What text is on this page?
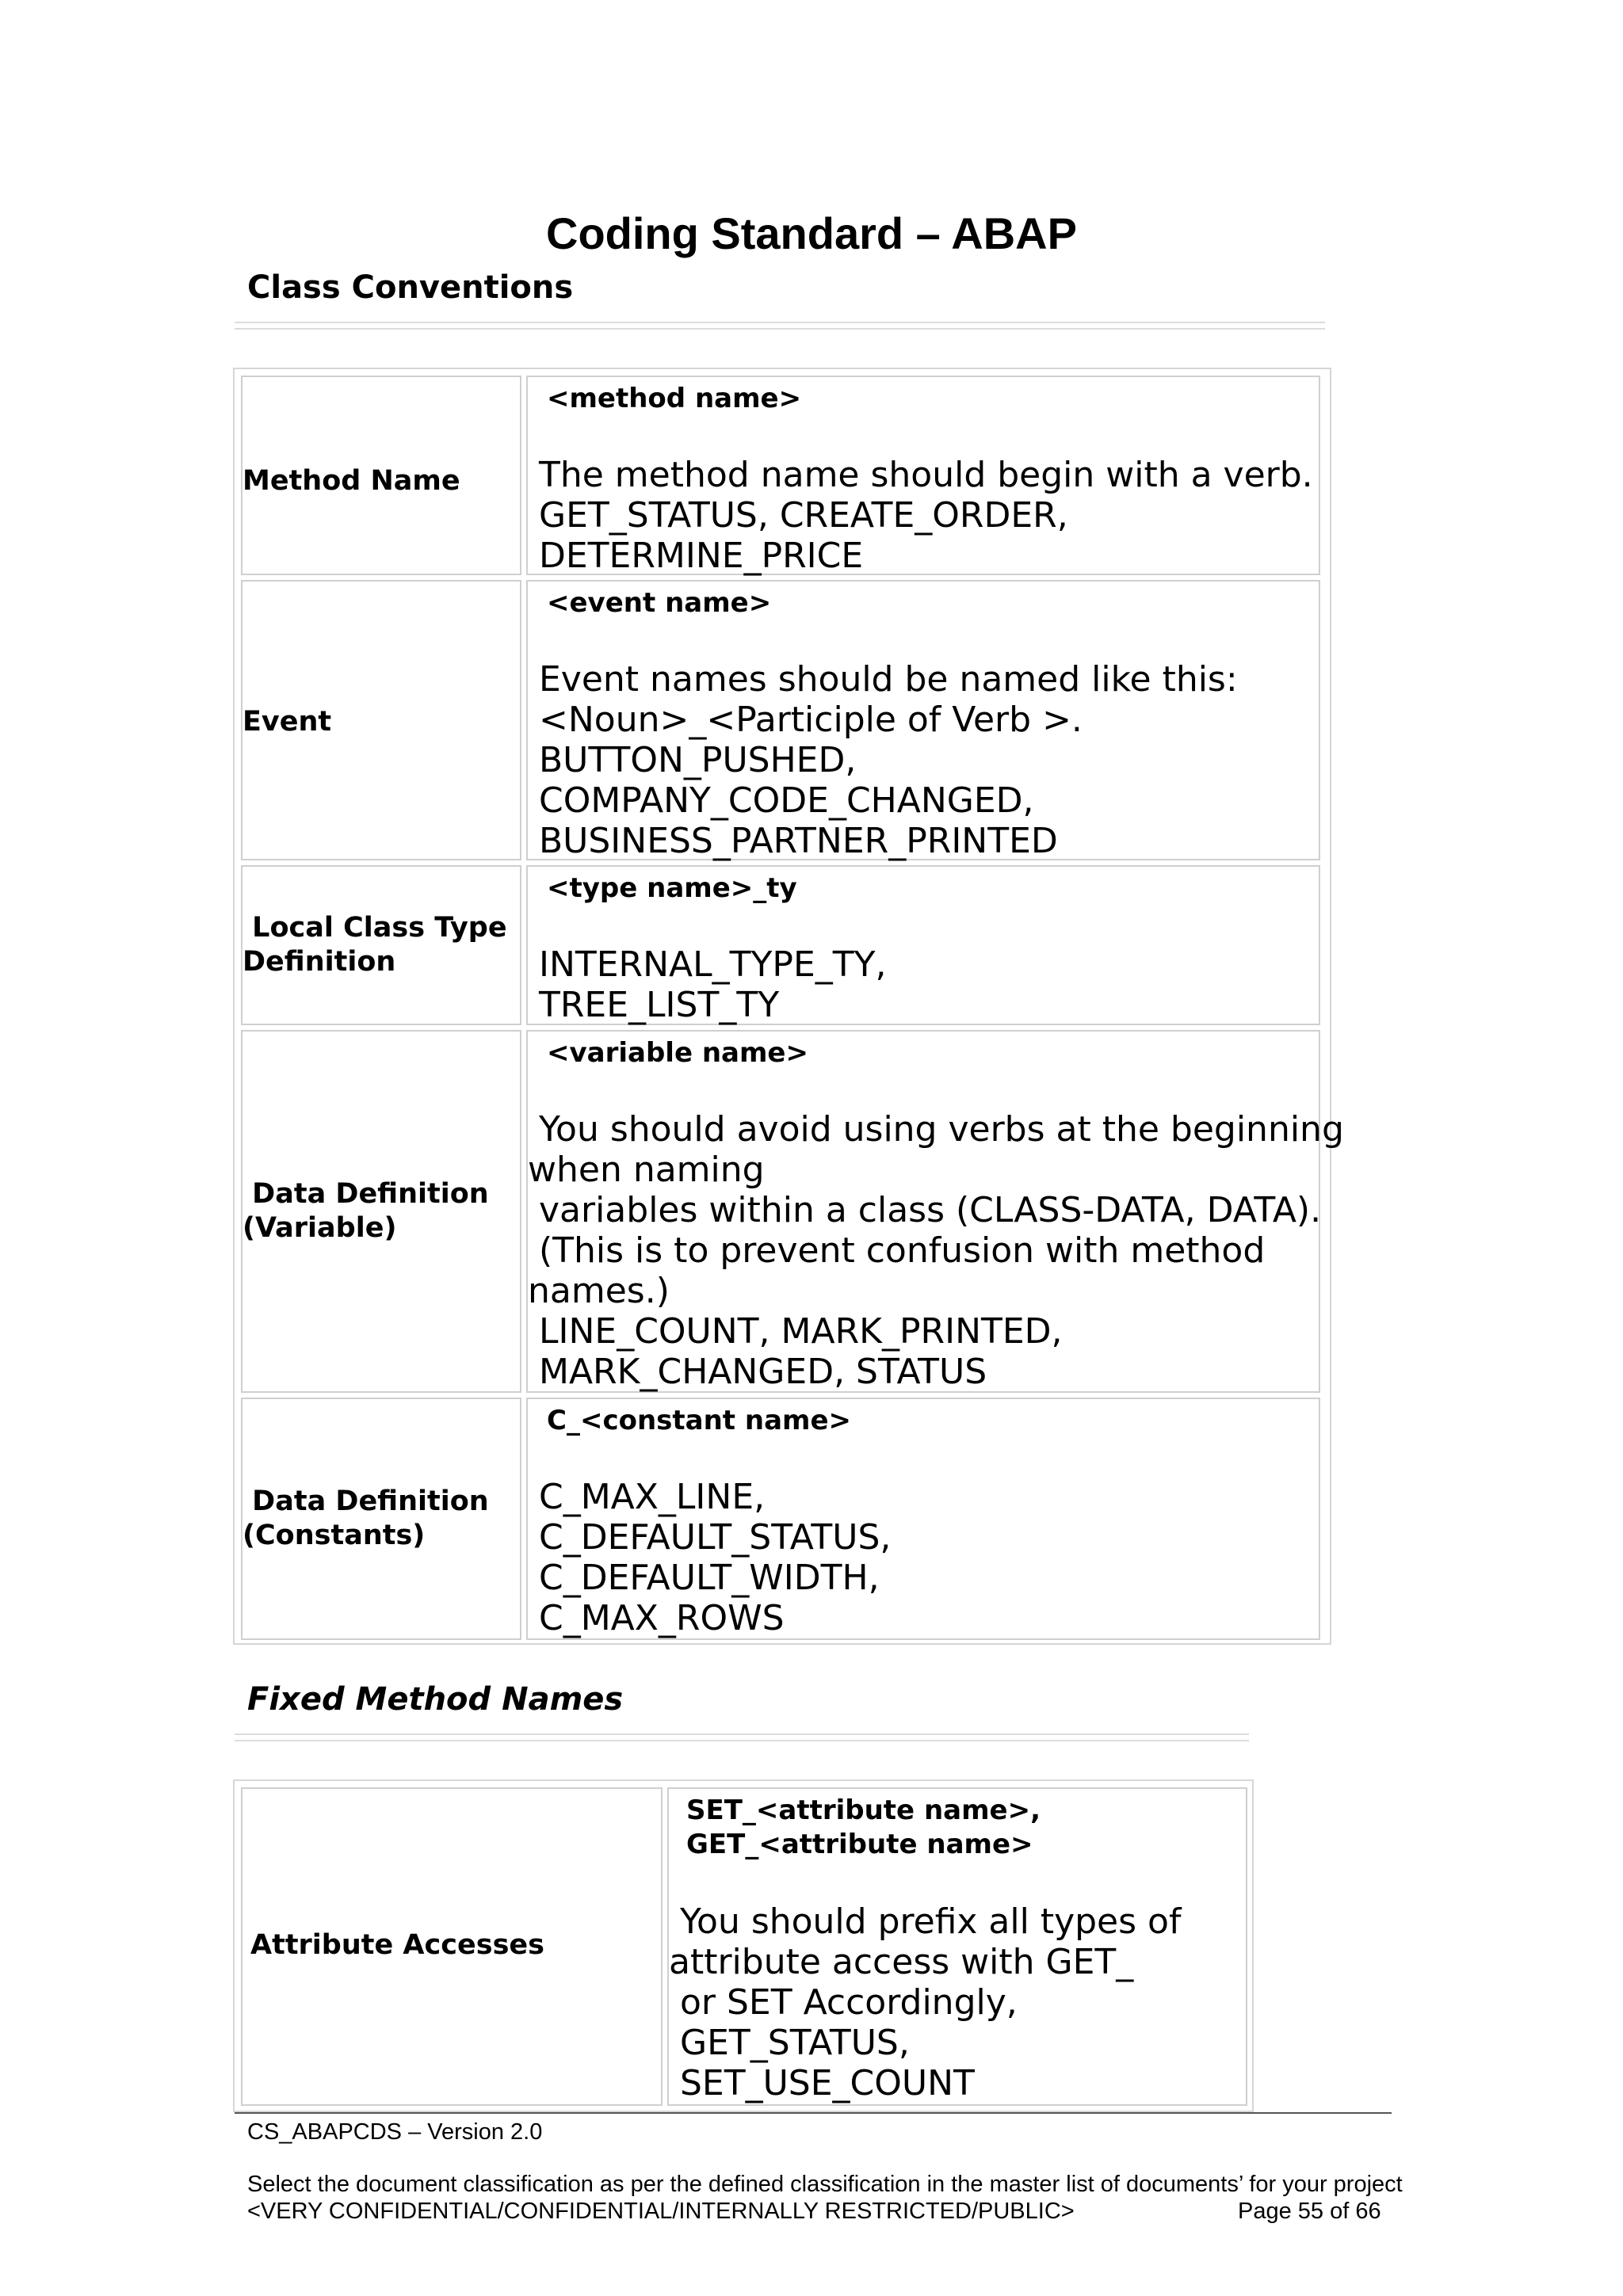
Coding Standard – ABAP
Class Conventions
Method Name
<method name>
The method name should begin with a verb.
GET_STATUS, CREATE_ORDER,
DETERMINE_PRICE
Event
<event name>
Event names should be named like this:
<Noun>_<Participle of Verb >.
BUTTON_PUSHED,
COMPANY_CODE_CHANGED,
BUSINESS_PARTNER_PRINTED
Local Class Type
Definition
<type name>_ty
INTERNAL_TYPE_TY,
TREE_LIST_TY
Data Definition
(Variable)
<variable name>
You should avoid using verbs at the beginning
when naming
variables within a class (CLASS-DATA, DATA).
(This is to prevent confusion with method
names.)
LINE_COUNT, MARK_PRINTED,
MARK_CHANGED, STATUS
Data Definition
(Constants)
C_<constant name>
C_MAX_LINE,
C_DEFAULT_STATUS,
C_DEFAULT_WIDTH,
C_MAX_ROWS
Fixed Method Names
Attribute Accesses
SET_<attribute name>,
GET_<attribute name>
You should prefix all types of
attribute access with GET_
or SET Accordingly,
GET_STATUS,
SET_USE_COUNT
CS_ABAPCDS – Version 2.0
Select the document classification as per the defined classification in the master list of documents’ for your project
<VERY CONFIDENTIAL/CONFIDENTIAL/INTERNALLY RESTRICTED/PUBLIC>	Page 55 of 66
